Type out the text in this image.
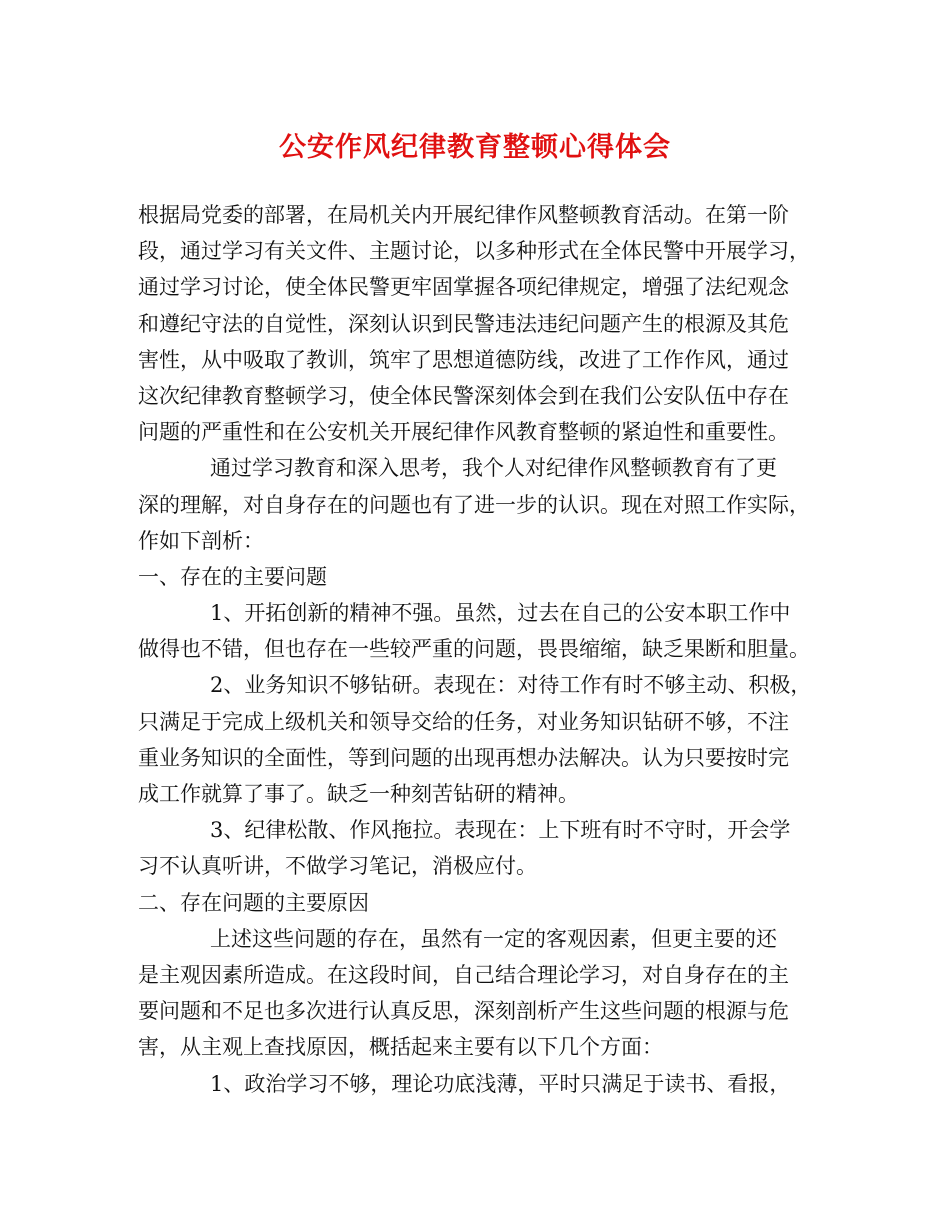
公安作风纪律教育整顿心得体会
根据局党委的部署，在局机关内开展纪律作风整顿教育活动。在第一阶
段，通过学习有关文件、主题讨论，以多种形式在全体民警中开展学习，
通过学习讨论，使全体民警更牢固掌握各项纪律规定，增强了法纪观念
和遵纪守法的自觉性，深刻认识到民警违法违纪问题产生的根源及其危
害性，从中吸取了教训，筑牢了思想道德防线，改进了工作作风，通过
这次纪律教育整顿学习，使全体民警深刻体会到在我们公安队伍中存在
问题的严重性和在公安机关开展纪律作风教育整顿的紧迫性和重要性。
通过学习教育和深入思考，我个人对纪律作风整顿教育有了更
深的理解，对自身存在的问题也有了进一步的认识。现在对照工作实际，
作如下剖析：
一、存在的主要问题
1、开拓创新的精神不强。虽然，过去在自己的公安本职工作中
做得也不错，但也存在一些较严重的问题，畏畏缩缩，缺乏果断和胆量。
2、业务知识不够钻研。表现在：对待工作有时不够主动、积极，
只满足于完成上级机关和领导交给的任务，对业务知识钻研不够，不注
重业务知识的全面性，等到问题的出现再想办法解决。认为只要按时完
成工作就算了事了。缺乏一种刻苦钻研的精神。
3、纪律松散、作风拖拉。表现在：上下班有时不守时，开会学
习不认真听讲，不做学习笔记，消极应付。
二、存在问题的主要原因
上述这些问题的存在，虽然有一定的客观因素，但更主要的还
是主观因素所造成。在这段时间，自己结合理论学习，对自身存在的主
要问题和不足也多次进行认真反思，深刻剖析产生这些问题的根源与危
害，从主观上查找原因，概括起来主要有以下几个方面：
1、政治学习不够，理论功底浅薄，平时只满足于读书、看报，
